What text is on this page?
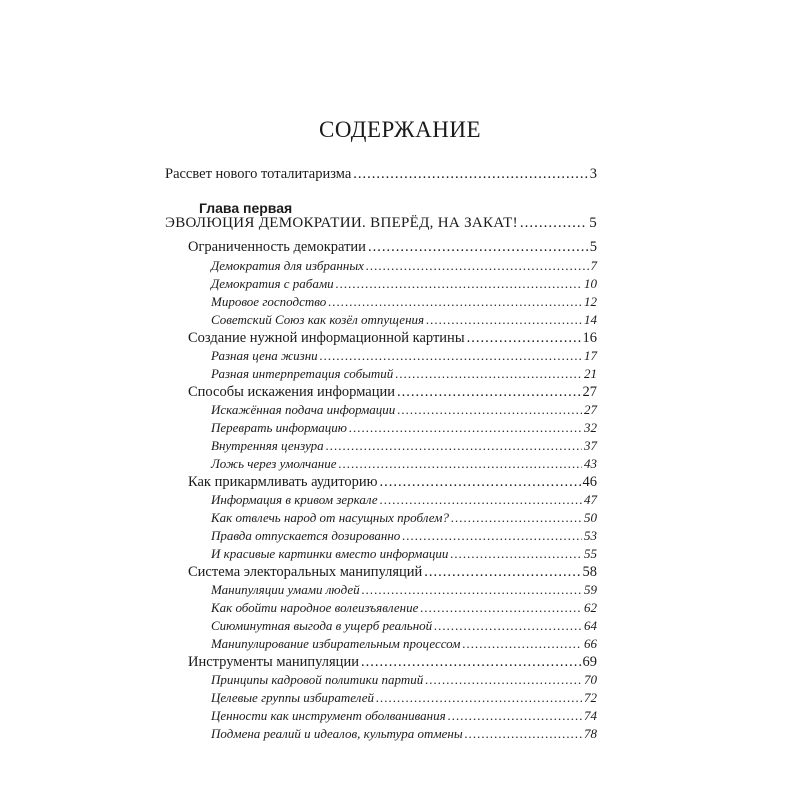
СОДЕРЖАНИЕ
Рассвет нового тоталитаризма .....	3
Глава первая
ЭВОЛЮЦИЯ ДЕМОКРАТИИ. ВПЕРЁД, НА ЗАКАТ! .....	5
Ограниченность демократии .....	5
Демократия для избранных .....	7
Демократия с рабами .....	10
Мировое господство .....	12
Советский Союз как козёл отпущения .....	14
Создание нужной информационной картины .....	16
Разная цена жизни .....	17
Разная интерпретация событий .....	21
Способы искажения информации .....	27
Искажённая подача информации .....	27
Переврать информацию .....	32
Внутренняя цензура .....	37
Ложь через умолчание .....	43
Как прикармливать аудиторию .....	46
Информация в кривом зеркале .....	47
Как отвлечь народ от насущных проблем? .....	50
Правда отпускается дозированно .....	53
И красивые картинки вместо информации .....	55
Система электоральных манипуляций .....	58
Манипуляции умами людей .....	59
Как обойти народное волеизъявление .....	62
Сиюминутная выгода в ущерб реальной .....	64
Манипулирование избирательным процессом .....	66
Инструменты манипуляции .....	69
Принципы кадровой политики партий .....	70
Целевые группы избирателей .....	72
Ценности как инструмент оболванивания .....	74
Подмена реалий и идеалов, культура отмены .....	78
